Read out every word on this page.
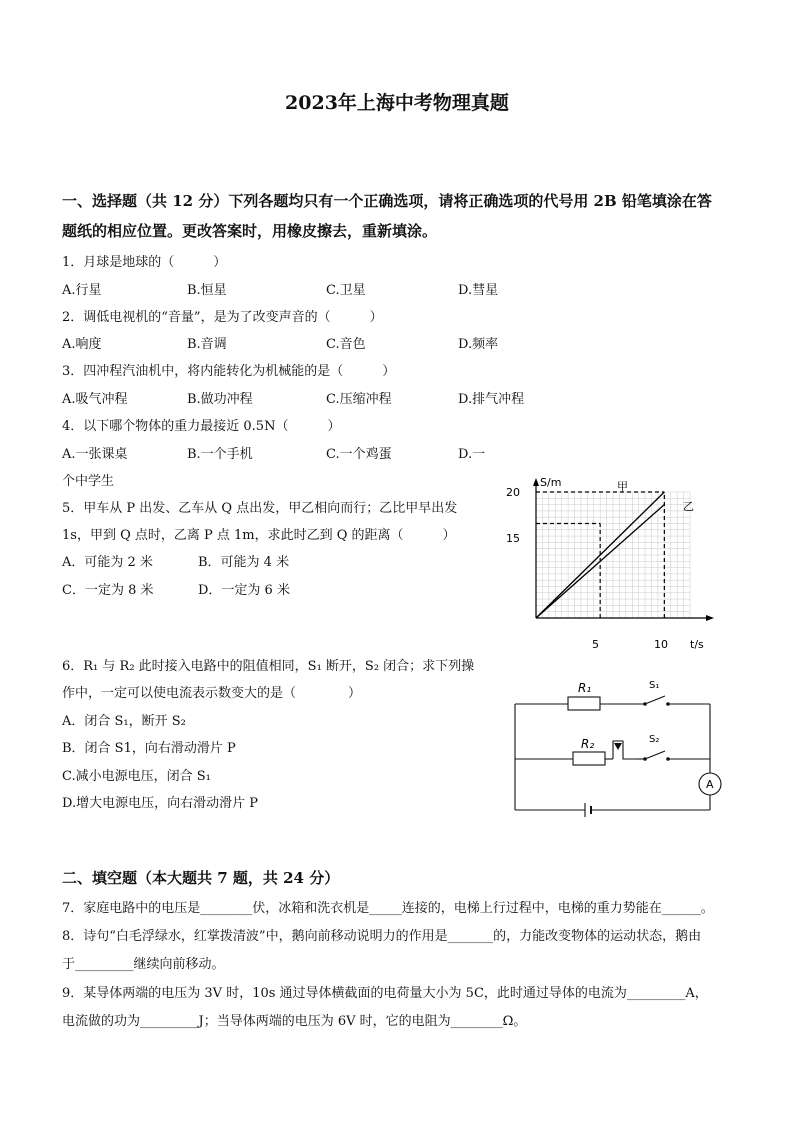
2023年上海中考物理真题
一、选择题（共 12 分）下列各题均只有一个正确选项，请将正确选项的代号用 2B 铅笔填涂在答
题纸的相应位置。更改答案时，用橡皮擦去，重新填涂。
1．月球是地球的（　　　）
A.行星	B.恒星	C.卫星	D.彗星
2．调低电视机的“音量”，是为了改变声音的（　　　）
A.响度	B.音调	C.音色	D.频率
3．四冲程汽油机中，将内能转化为机械能的是（　　　）
A.吸气冲程	B.做功冲程	C.压缩冲程	D.排气冲程
4．以下哪个物体的重力最接近 0.5N（　　　）
A.一张课桌	B.一个手机	C.一个鸡蛋	D.一
个中学生
5．甲车从 P 出发、乙车从 Q 点出发，甲乙相向而行；乙比甲早出发
1s，甲到 Q 点时，乙离 P 点 1m，求此时乙到 Q 的距离（　　　）
A．可能为 2 米	B．可能为 4 米
C．一定为 8 米	D．一定为 6 米
S/m
t/s
15
20
5	10
甲
乙
6．R₁ 与 R₂ 此时接入电路中的阻值相同，S₁ 断开，S₂ 闭合；求下列操
作中，一定可以使电流表示数变大的是（　　　　）
A．闭合 S₁，断开 S₂
B．闭合 S1，向右滑动滑片 P
C.减小电源电压，闭合 S₁
D.增大电源电压，向右滑动滑片 P
R₁
R₂
S₁
S₂
A
二、填空题（本大题共 7 题，共 24 分）
7．家庭电路中的电压是________伏，冰箱和洗衣机是_____连接的，电梯上行过程中，电梯的重力势能在______。
8．诗句“白毛浮绿水，红掌拨清波”中，鹅向前移动说明力的作用是_______的，力能改变物体的运动状态，鹅由
于_________继续向前移动。
9．某导体两端的电压为 3V 时，10s 通过导体横截面的电荷量大小为 5C，此时通过导体的电流为_________A，
电流做的功为_________J；当导体两端的电压为 6V 时，它的电阻为________Ω。
